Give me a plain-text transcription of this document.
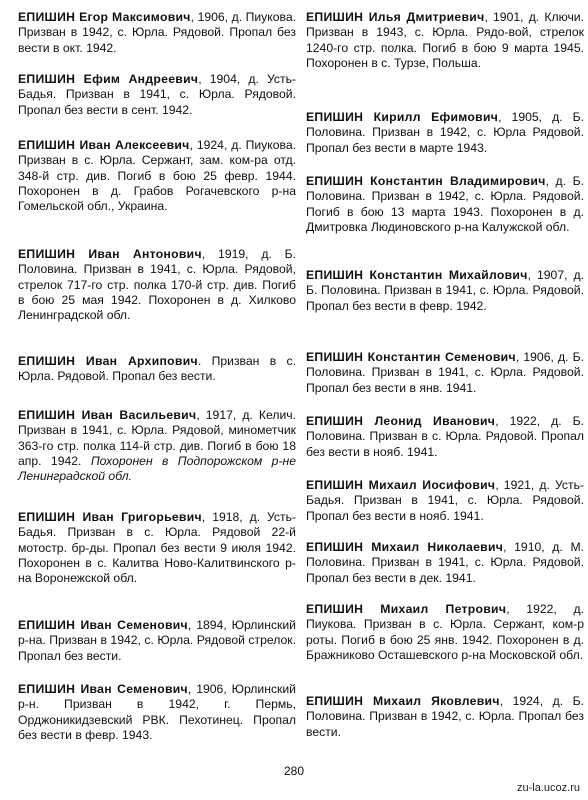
ЕПИШИН Егор Максимович, 1906, д. Пиукова. Призван в 1942, с. Юрла. Рядовой. Пропал без вести в окт. 1942.

ЕПИШИН Ефим Андреевич, 1904, д. Усть-Бадья. Призван в 1941, с. Юрла. Рядовой. Пропал без вести в сент. 1942.

ЕПИШИН Иван Алексеевич, 1924, д. Пиукова. Призван в с. Юрла. Сержант, зам. ком-ра отд. 348-й стр. див. Погиб в бою 25 февр. 1944. Похоронен в д. Грабов Рогачевского р-на Гомельской обл., Украина.

ЕПИШИН Иван Антонович, 1919, д. Б. Половина. Призван в 1941, с. Юрла. Рядовой, стрелок 717-го стр. полка 170-й стр. див. Погиб в бою 25 мая 1942. Похоронен в д. Хилково Ленинградской обл.

ЕПИШИН Иван Архипович. Призван в с. Юрла. Рядовой. Пропал без вести.

ЕПИШИН Иван Васильевич, 1917, д. Келич. Призван в 1941, с. Юрла. Рядовой, минометчик 363-го стр. полка 114-й стр. див. Погиб в бою 18 апр. 1942. Похоронен в Подпорожском р-не Ленинградской обл.

ЕПИШИН Иван Григорьевич, 1918, д. Усть-Бадья. Призван в с. Юрла. Рядовой 22-й мотостр. бр-ды. Пропал без вести 9 июля 1942. Похоронен в с. Калитва Ново-Калитвинского р-на Воронежской обл.

ЕПИШИН Иван Семенович, 1894, Юрлинский р-на. Призван в 1942, с. Юрла. Рядовой стрелок. Пропал без вести.

ЕПИШИН Иван Семенович, 1906, Юрлинский р-н. Призван в 1942, г. Пермь, Орджоникидзевский РВК. Пехотинец. Пропал без вести в февр. 1943.

ЕПИШИН Илья Дмитриевич, 1901, д. Ключи. Призван в 1943, с. Юрла. Рядо-вой, стрелок 1240-го стр. полка. Погиб в бою 9 марта 1945. Похоронен в с. Турзе, Польша.

ЕПИШИН Кирилл Ефимович, 1905, д. Б. Половина. Призван в 1942, с. Юрла Рядовой. Пропал без вести в марте 1943.

ЕПИШИН Константин Владимирович, д. Б. Половина. Призван в 1942, с. Юрла. Рядовой. Погиб в бою 13 марта 1943. Похоронен в д. Дмитровка Людиновского р-на Калужской обл.

ЕПИШИН Константин Михайлович, 1907, д. Б. Половина. Призван в 1941, с. Юрла. Рядовой. Пропал без вести в февр. 1942.

ЕПИШИН Константин Семенович, 1906, д. Б. Половина. Призван в 1941, с. Юрла. Рядовой. Пропал без вести в янв. 1941.

ЕПИШИН Леонид Иванович, 1922, д. Б. Половина. Призван в с. Юрла. Рядовой. Пропал без вести в нояб. 1941.

ЕПИШИН Михаил Иосифович, 1921, д. Усть-Бадья. Призван в 1941, с. Юрла. Рядовой. Пропал без вести в нояб. 1941.

ЕПИШИН Михаил Николаевич, 1910, д. М. Половина. Призван в 1941, с. Юрла. Рядовой. Пропал без вести в дек. 1941.

ЕПИШИН Михаил Петрович, 1922, д. Пиукова. Призван в с. Юрла. Сержант, ком-р роты. Погиб в бою 25 янв. 1942. Похоронен в д. Бражниково Осташевского р-на Московской обл.

ЕПИШИН Михаил Яковлевич, 1924, д. Б. Половина. Призван в 1942, с. Юрла. Пропал без вести.

280
zu-la.ucoz.ru
